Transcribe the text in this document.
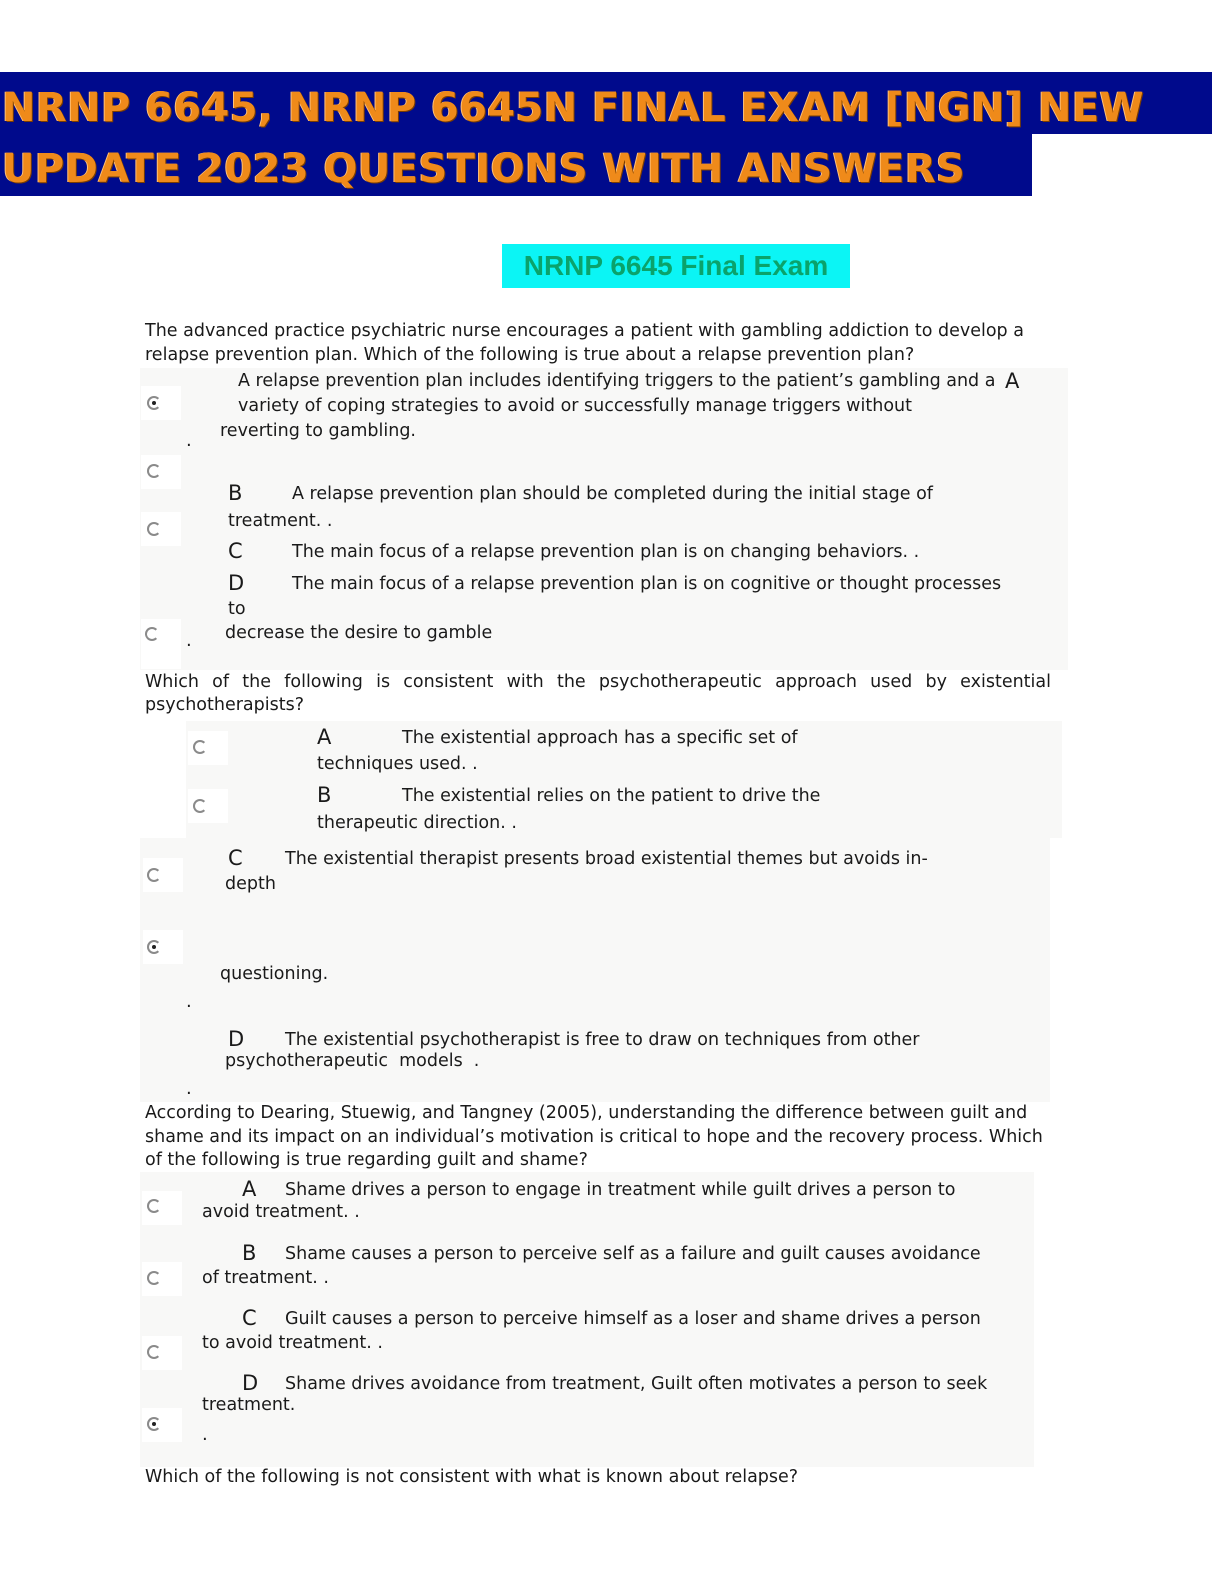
NRNP 6645, NRNP 6645N FINAL EXAM [NGN] NEW
UPDATE 2023 QUESTIONS WITH ANSWERS
NRNP 6645 Final Exam
The advanced practice psychiatric nurse encourages a patient with gambling addiction to develop a
relapse prevention plan. Which of the following is true about a relapse prevention plan?
A relapse prevention plan includes identifying triggers to the patient’s gambling and a A
variety of coping strategies to avoid or successfully manage triggers without
reverting to gambling.
.
B	A relapse prevention plan should be completed during the initial stage of
treatment. .
C	The main focus of a relapse prevention plan is on changing behaviors. .
D	The main focus of a relapse prevention plan is on cognitive or thought processes
to
decrease the desire to gamble
.
Which of the following is consistent with the psychotherapeutic approach used by existential
psychotherapists?
A	The existential approach has a specific set of
techniques used. .
B	The existential relies on the patient to drive the
therapeutic direction. .
C The existential therapist presents broad existential themes but avoids in-
depth
questioning.
.
D The existential psychotherapist is free to draw on techniques from other
psychotherapeutic  models  .
.
According to Dearing, Stuewig, and Tangney (2005), understanding the difference between guilt and
shame and its impact on an individual’s motivation is critical to hope and the recovery process. Which
of the following is true regarding guilt and shame?
A Shame drives a person to engage in treatment while guilt drives a person to
avoid treatment. .
B Shame causes a person to perceive self as a failure and guilt causes avoidance
of treatment. .
C Guilt causes a person to perceive himself as a loser and shame drives a person
to avoid treatment. .
D Shame drives avoidance from treatment, Guilt often motivates a person to seek
treatment.
.
Which of the following is not consistent with what is known about relapse?
